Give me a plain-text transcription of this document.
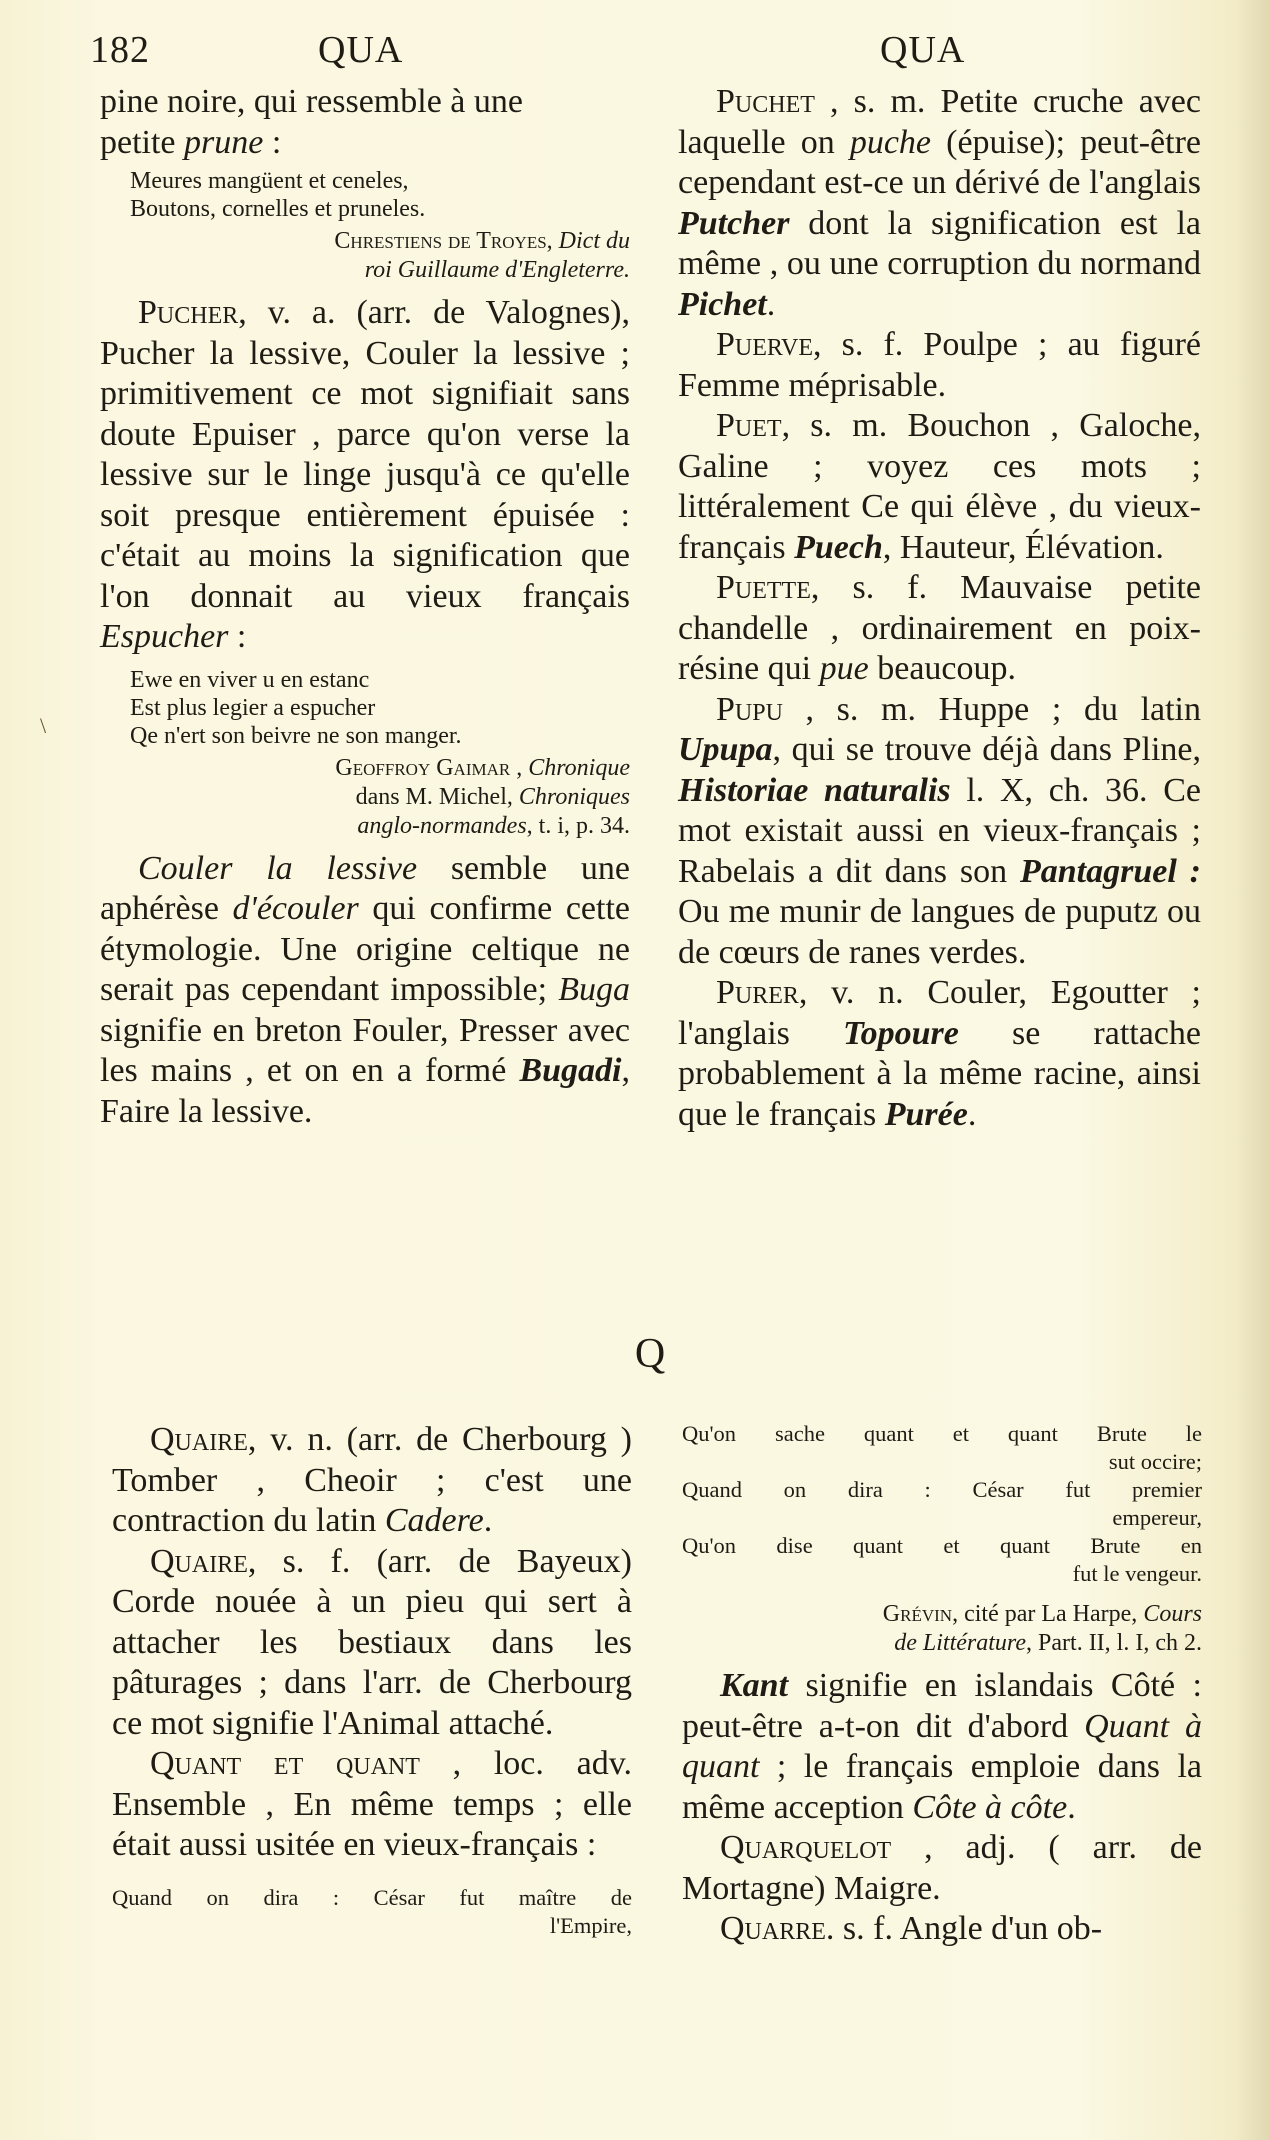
182	QUA	QUA
\

pine noire, qui ressemble à une
petite prune :

Meures mangüent et ceneles,
Boutons, cornelles et pruneles.
Chrestiens de Troyes, Dict du
roi Guillaume d'Engleterre.

Pucher, v. a. (arr. de Valognes), Pucher la lessive, Couler la lessive ; primitivement ce mot signifiait sans doute Epuiser , parce qu'on verse la lessive sur le linge jusqu'à ce qu'elle soit presque entièrement épuisée : c'était au moins la signification que l'on donnait au vieux français Espucher :

Ewe en viver u en estanc
Est plus legier a espucher
Qe n'ert son beivre ne son manger.
Geoffroy Gaimar , Chronique
dans M. Michel, Chroniques
anglo-normandes, t. i, p. 34.

Couler la lessive semble une aphérèse d'écouler qui confirme cette étymologie. Une origine celtique ne serait pas cependant impossible; Buga signifie en breton Fouler, Presser avec les mains , et on en a formé Bugadi, Faire la lessive.

Puchet , s. m. Petite cruche avec laquelle on puche (épuise); peut-être cependant est-ce un dérivé de l'anglais Putcher dont la signification est la même , ou une corruption du normand Pichet.

Puerve, s. f. Poulpe ; au figuré Femme méprisable.

Puet, s. m. Bouchon , Galoche, Galine ; voyez ces mots ; littéralement Ce qui élève , du vieux-français Puech, Hauteur, Élévation.

Puette, s. f. Mauvaise petite chandelle , ordinairement en poix-résine qui pue beaucoup.

Pupu , s. m. Huppe ; du latin Upupa, qui se trouve déjà dans Pline, Historiae naturalis l. X, ch. 36. Ce mot existait aussi en vieux-français ; Rabelais a dit dans son Pantagruel : Ou me munir de langues de puputz ou de cœurs de ranes verdes.

Purer, v. n. Couler, Egoutter ; l'anglais Topoure se rattache probablement à la même racine, ainsi que le français Purée.

Q

Quaire, v. n. (arr. de Cherbourg ) Tomber , Cheoir ; c'est une contraction du latin Cadere.

Quaire, s. f. (arr. de Bayeux) Corde nouée à un pieu qui sert à attacher les bestiaux dans les pâturages ; dans l'arr. de Cherbourg ce mot signifie l'Animal attaché.

Quant et quant , loc. adv. Ensemble , En même temps ; elle était aussi usitée en vieux-français :

Quand on dira : César fut maître de
l'Empire,
Qu'on sache quant et quant Brute le
sut occire;
Quand on dira : César fut premier
empereur,
Qu'on dise quant et quant Brute en
fut le vengeur.
Grévin, cité par La Harpe, Cours
de Littérature, Part. II, l. I, ch 2.

Kant signifie en islandais Côté : peut-être a-t-on dit d'abord Quant à quant ; le français emploie dans la même acception Côte à côte.

Quarquelot , adj. ( arr. de Mortagne) Maigre.

Quarre. s. f. Angle d'un ob-
